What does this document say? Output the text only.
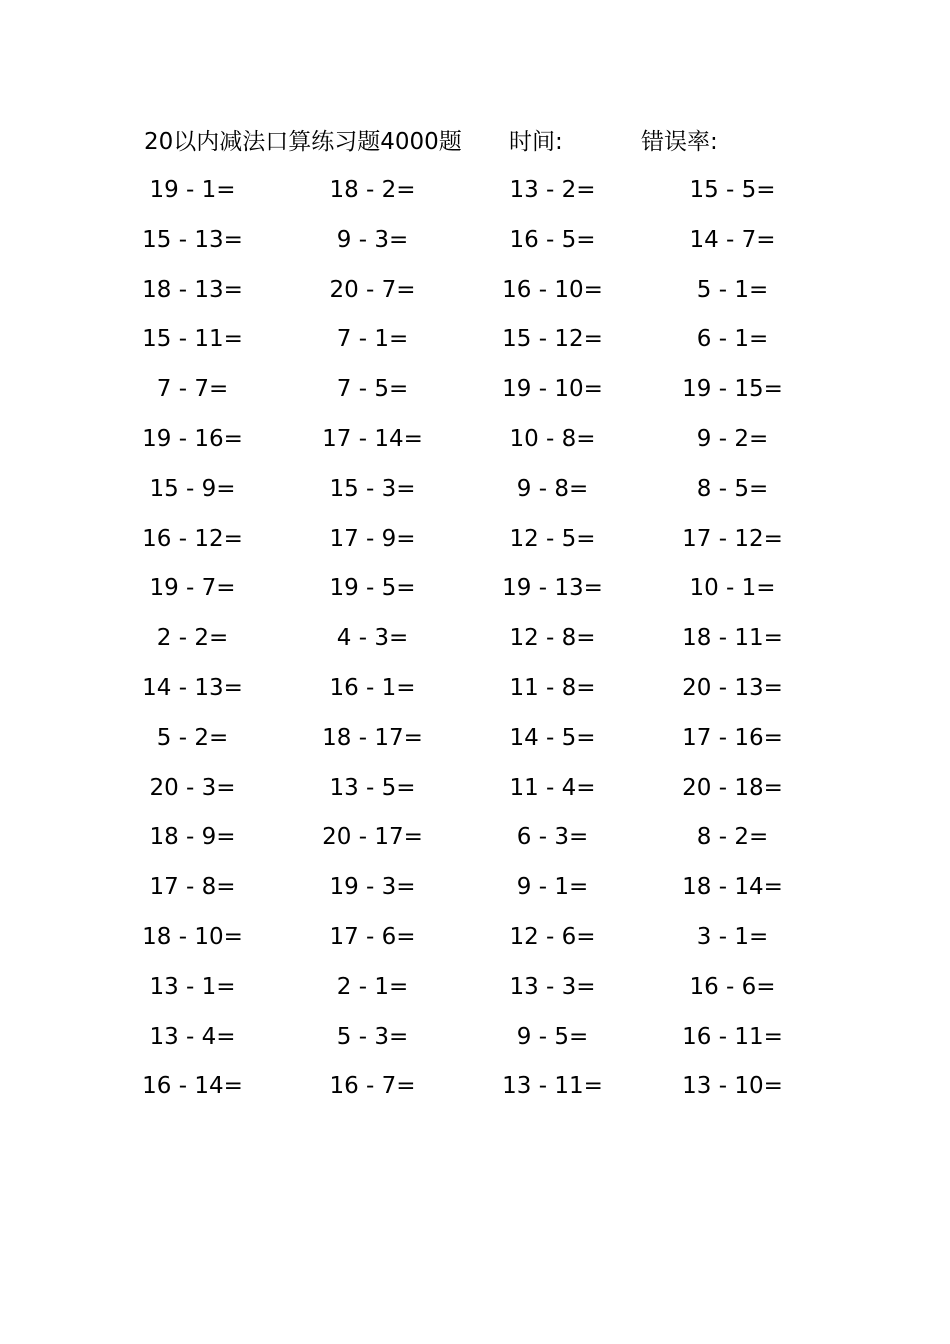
20以内减法口算练习题4000题 时间:	错误率:
19 - 1=	18 - 2=	13 - 2=	15 - 5=
15 - 13=	9 - 3=	16 - 5=	14 - 7=
18 - 13=	20 - 7=	16 - 10=	5 - 1=
15 - 11=	7 - 1=	15 - 12=	6 - 1=
7 - 7=	7 - 5=	19 - 10=	19 - 15=
19 - 16=	17 - 14=	10 - 8=	9 - 2=
15 - 9=	15 - 3=	9 - 8=	8 - 5=
16 - 12=	17 - 9=	12 - 5=	17 - 12=
19 - 7=	19 - 5=	19 - 13=	10 - 1=
2 - 2=	4 - 3=	12 - 8=	18 - 11=
14 - 13=	16 - 1=	11 - 8=	20 - 13=
5 - 2=	18 - 17=	14 - 5=	17 - 16=
20 - 3=	13 - 5=	11 - 4=	20 - 18=
18 - 9=	20 - 17=	6 - 3=	8 - 2=
17 - 8=	19 - 3=	9 - 1=	18 - 14=
18 - 10=	17 - 6=	12 - 6=	3 - 1=
13 - 1=	2 - 1=	13 - 3=	16 - 6=
13 - 4=	5 - 3=	9 - 5=	16 - 11=
16 - 14=	16 - 7=	13 - 11=	13 - 10=
